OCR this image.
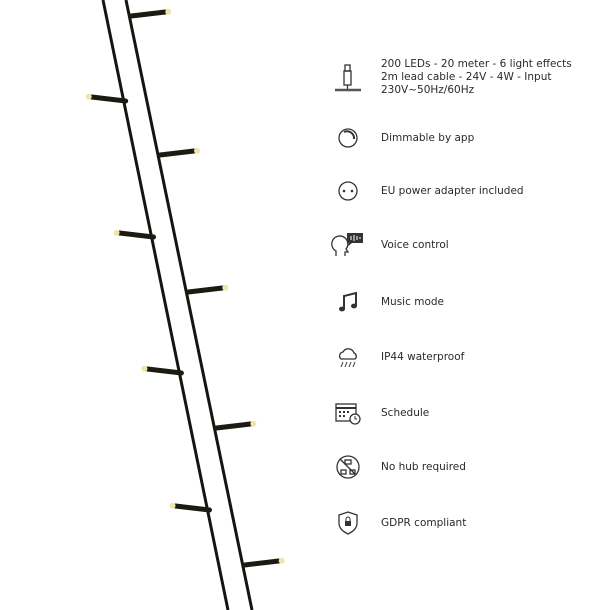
200 LEDs - 20 meter - 6 light effects
2m lead cable - 24V - 4W - Input
230V~50Hz/60Hz
Dimmable by app
EU power adapter included
Voice control
Music mode
IP44 waterproof
Schedule
No hub required
GDPR compliant
